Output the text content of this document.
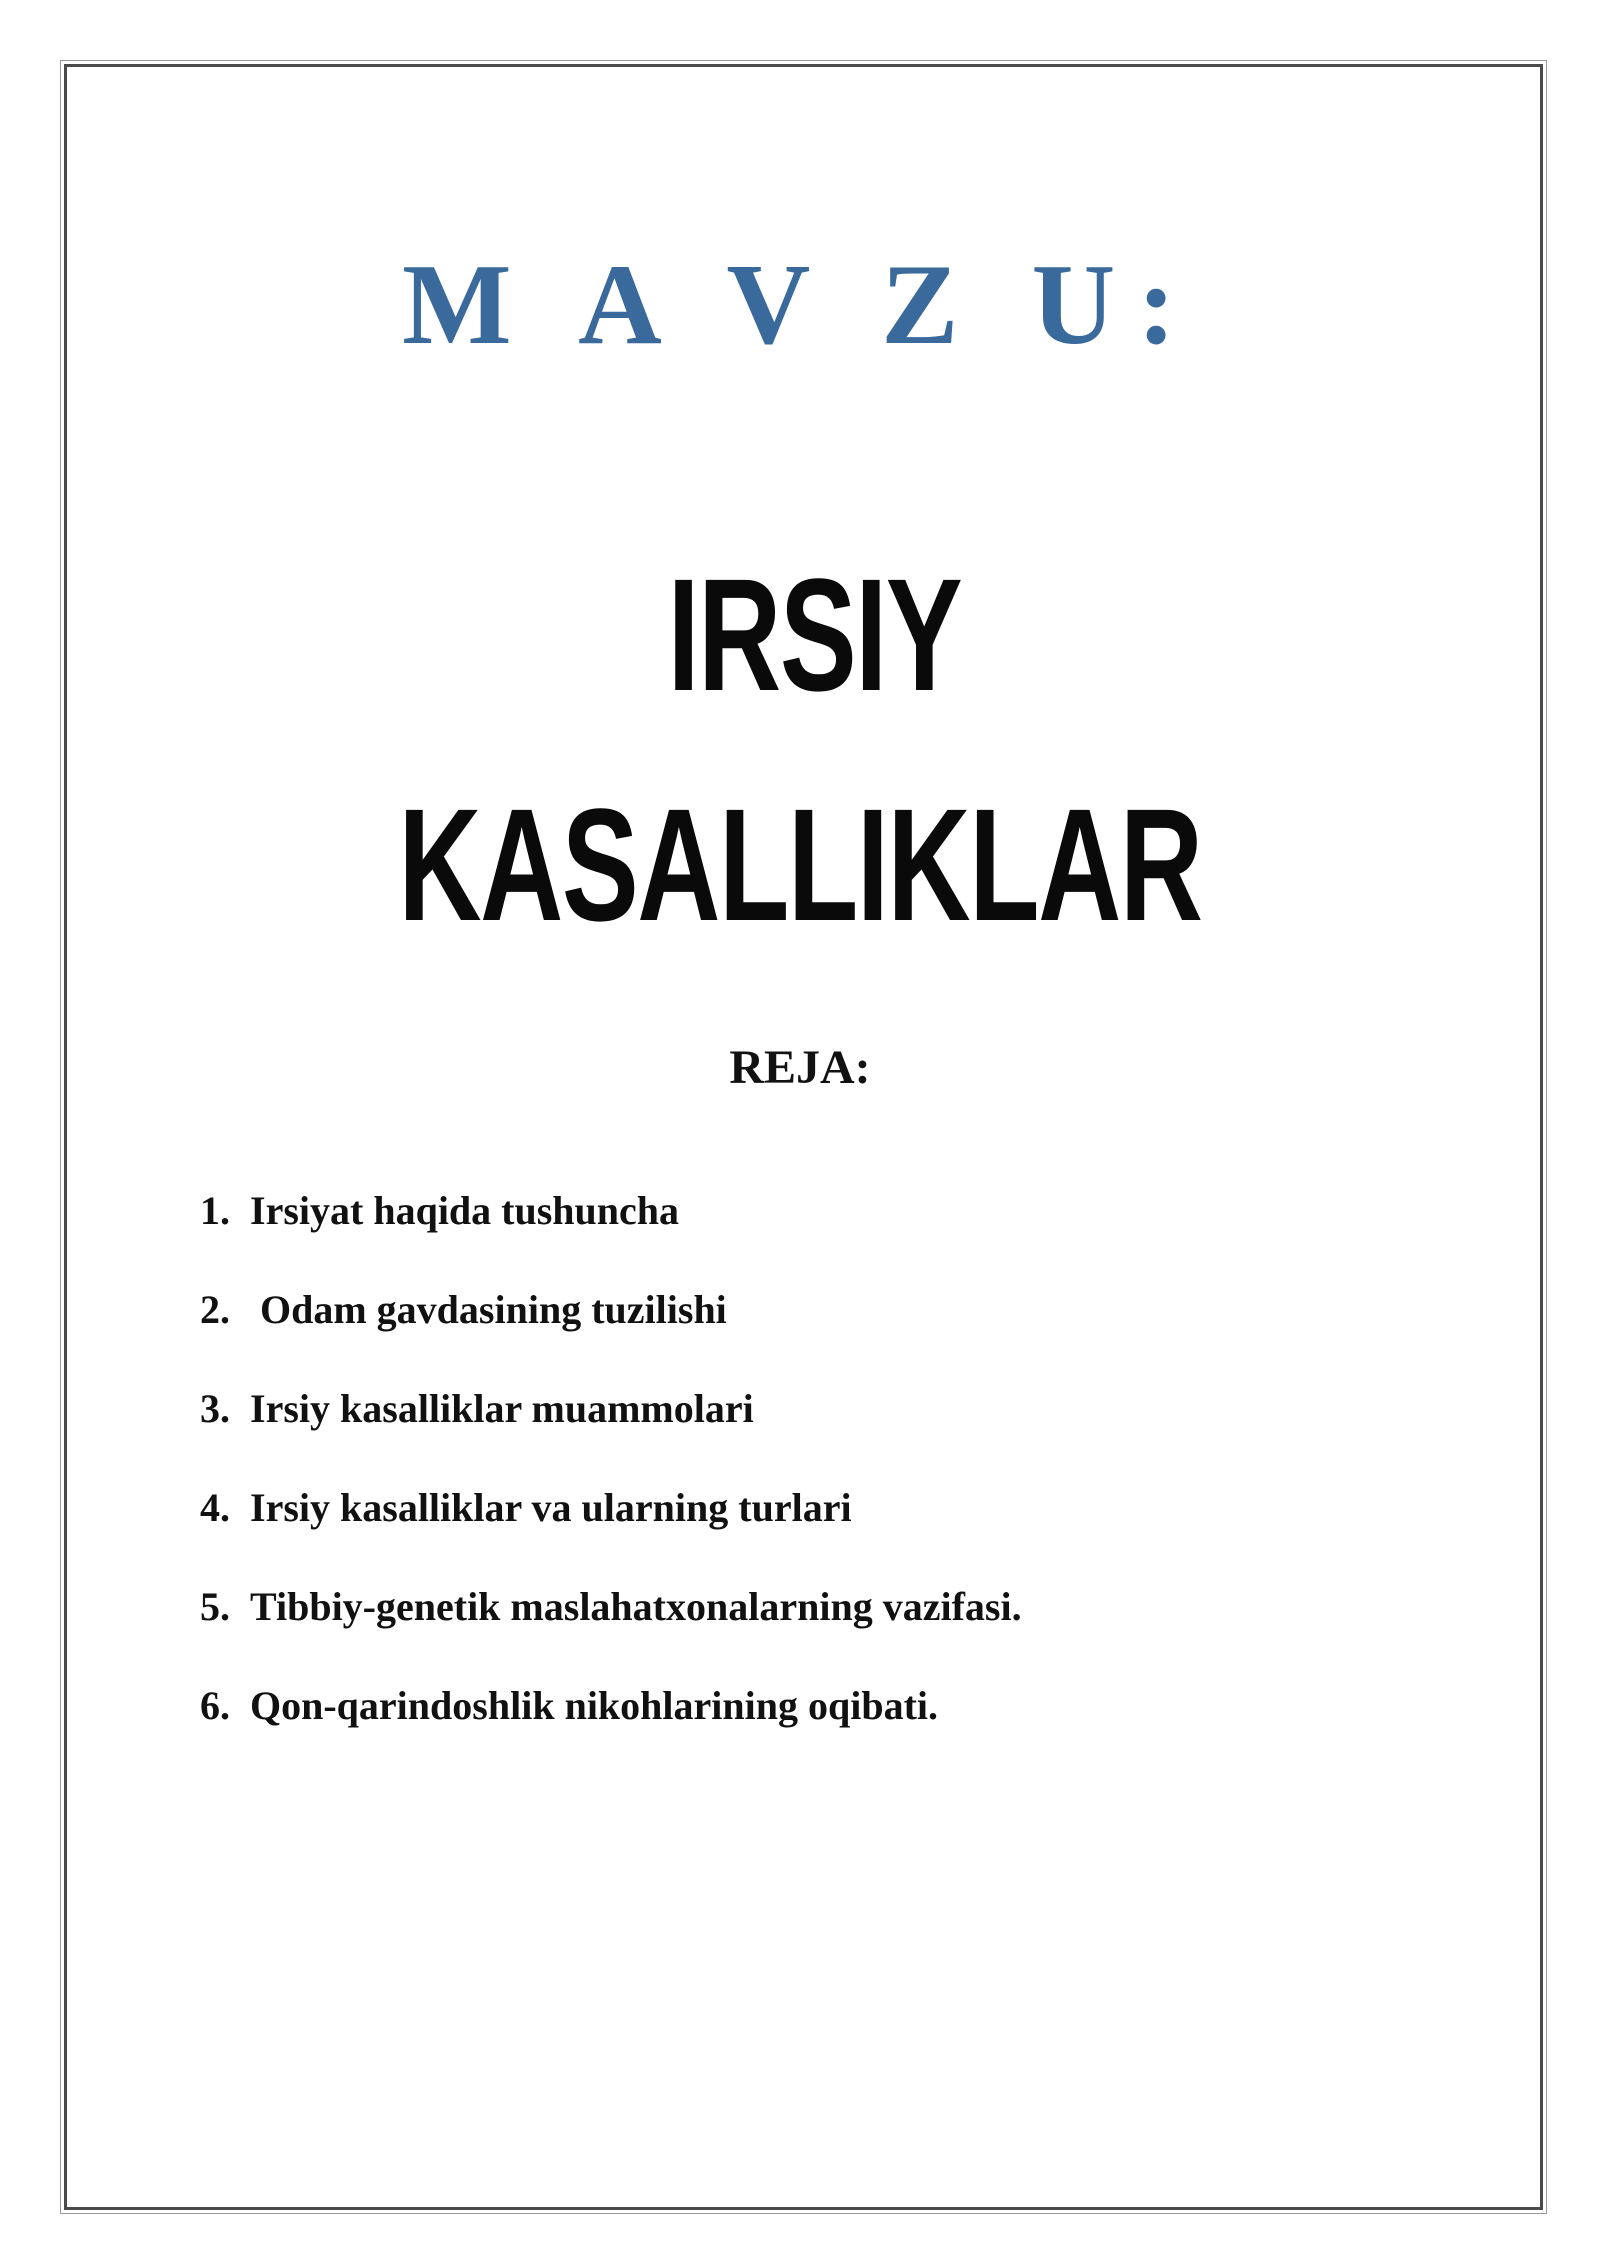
M A V Z U:
IRSIY
KASALLIKLAR
REJA:
1. Irsiyat haqida tushuncha
2. Odam gavdasining tuzilishi
3. Irsiy kasalliklar muammolari
4. Irsiy kasalliklar va ularning turlari
5. Tibbiy-genetik maslahatxonalarning vazifasi.
6. Qon-qarindoshlik nikohlarining oqibati.
